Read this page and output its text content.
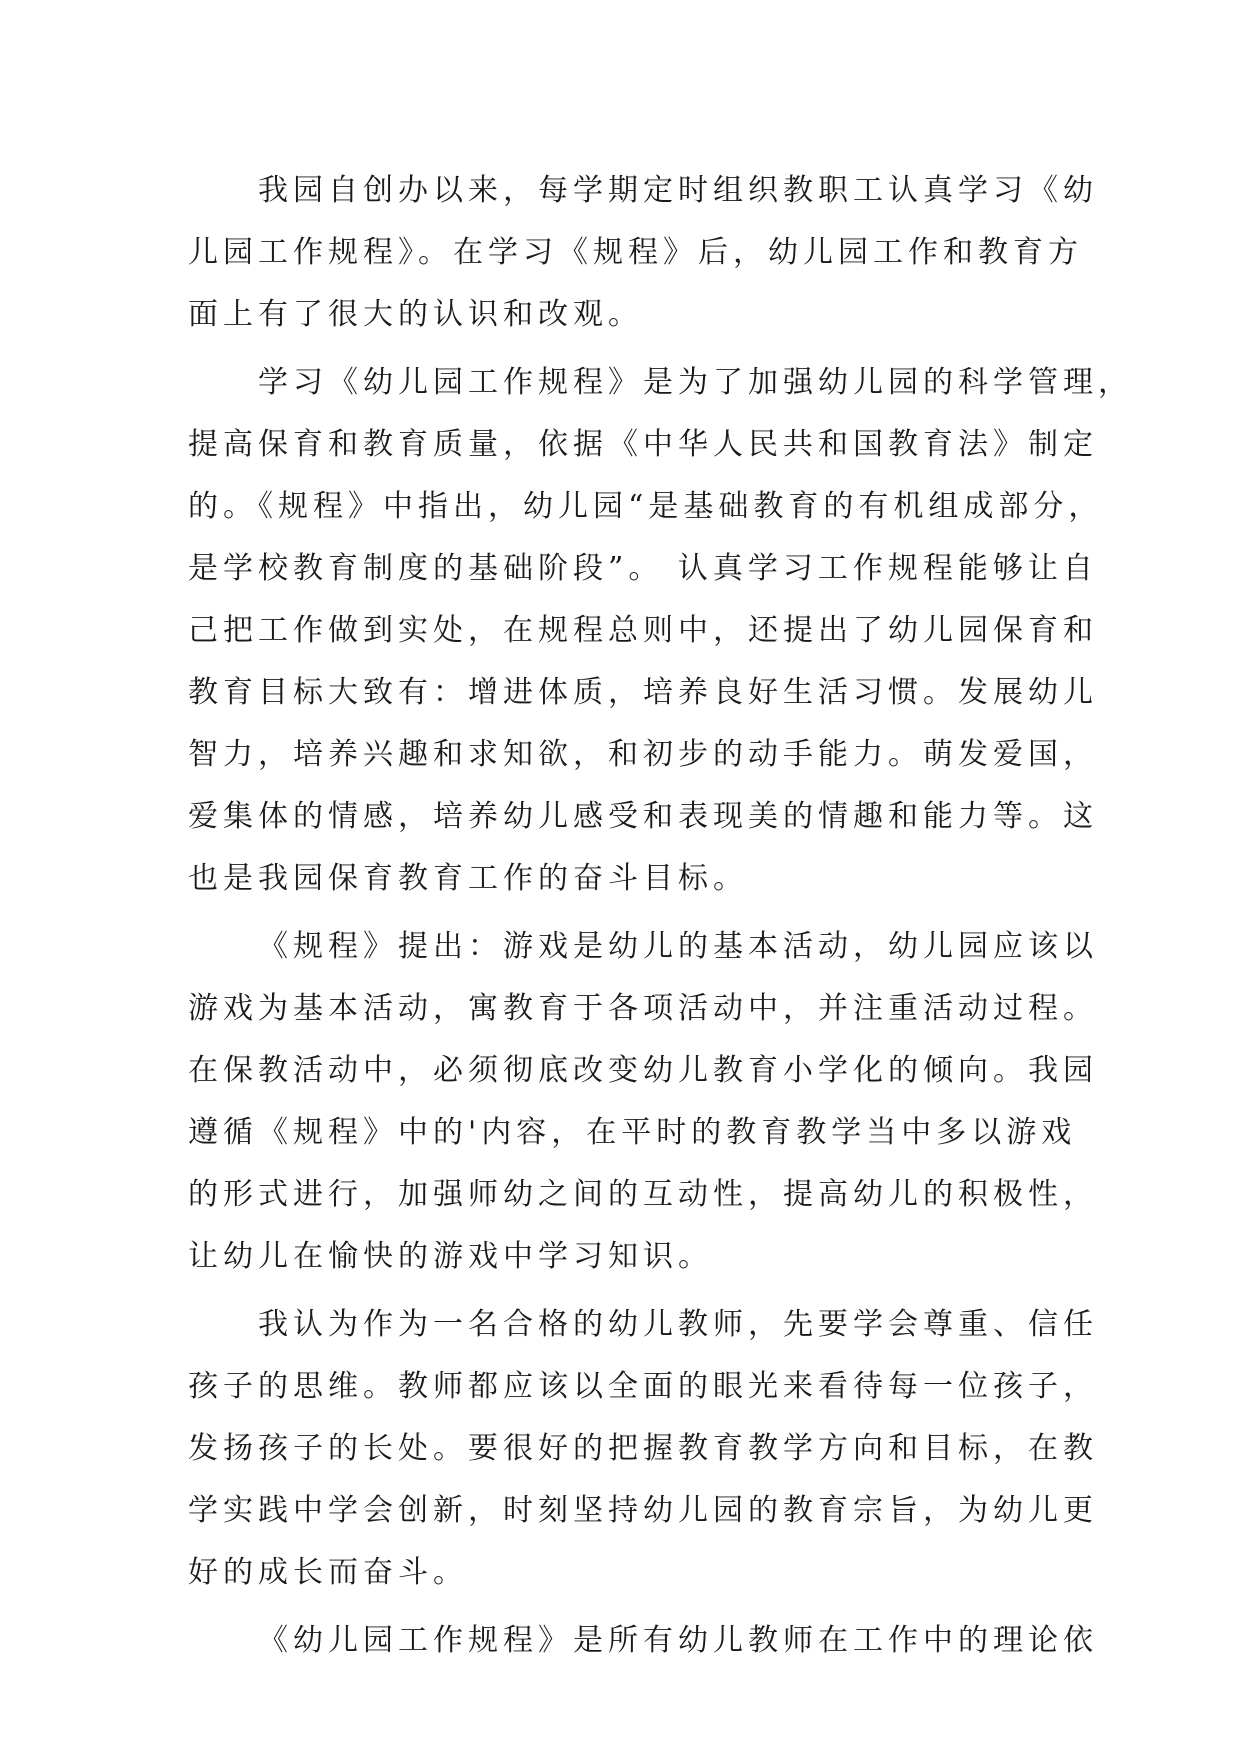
我园自创办以来，每学期定时组织教职工认真学习《幼
儿园工作规程》。在学习《规程》后，幼儿园工作和教育方
面上有了很大的认识和改观。

学习《幼儿园工作规程》是为了加强幼儿园的科学管理，
提高保育和教育质量，依据《中华人民共和国教育法》制定
的。《规程》中指出，幼儿园“是基础教育的有机组成部分，
是学校教育制度的基础阶段”。 认真学习工作规程能够让自
己把工作做到实处，在规程总则中，还提出了幼儿园保育和
教育目标大致有：增进体质，培养良好生活习惯。发展幼儿
智力，培养兴趣和求知欲，和初步的动手能力。萌发爱国，
爱集体的情感，培养幼儿感受和表现美的情趣和能力等。这
也是我园保育教育工作的奋斗目标。

《规程》提出：游戏是幼儿的基本活动，幼儿园应该以
游戏为基本活动，寓教育于各项活动中，并注重活动过程。
在保教活动中，必须彻底改变幼儿教育小学化的倾向。我园
遵循《规程》中的'内容，在平时的教育教学当中多以游戏
的形式进行，加强师幼之间的互动性，提高幼儿的积极性，
让幼儿在愉快的游戏中学习知识。

我认为作为一名合格的幼儿教师，先要学会尊重、信任
孩子的思维。教师都应该以全面的眼光来看待每一位孩子，
发扬孩子的长处。要很好的把握教育教学方向和目标，在教
学实践中学会创新，时刻坚持幼儿园的教育宗旨，为幼儿更
好的成长而奋斗。

《幼儿园工作规程》是所有幼儿教师在工作中的理论依
